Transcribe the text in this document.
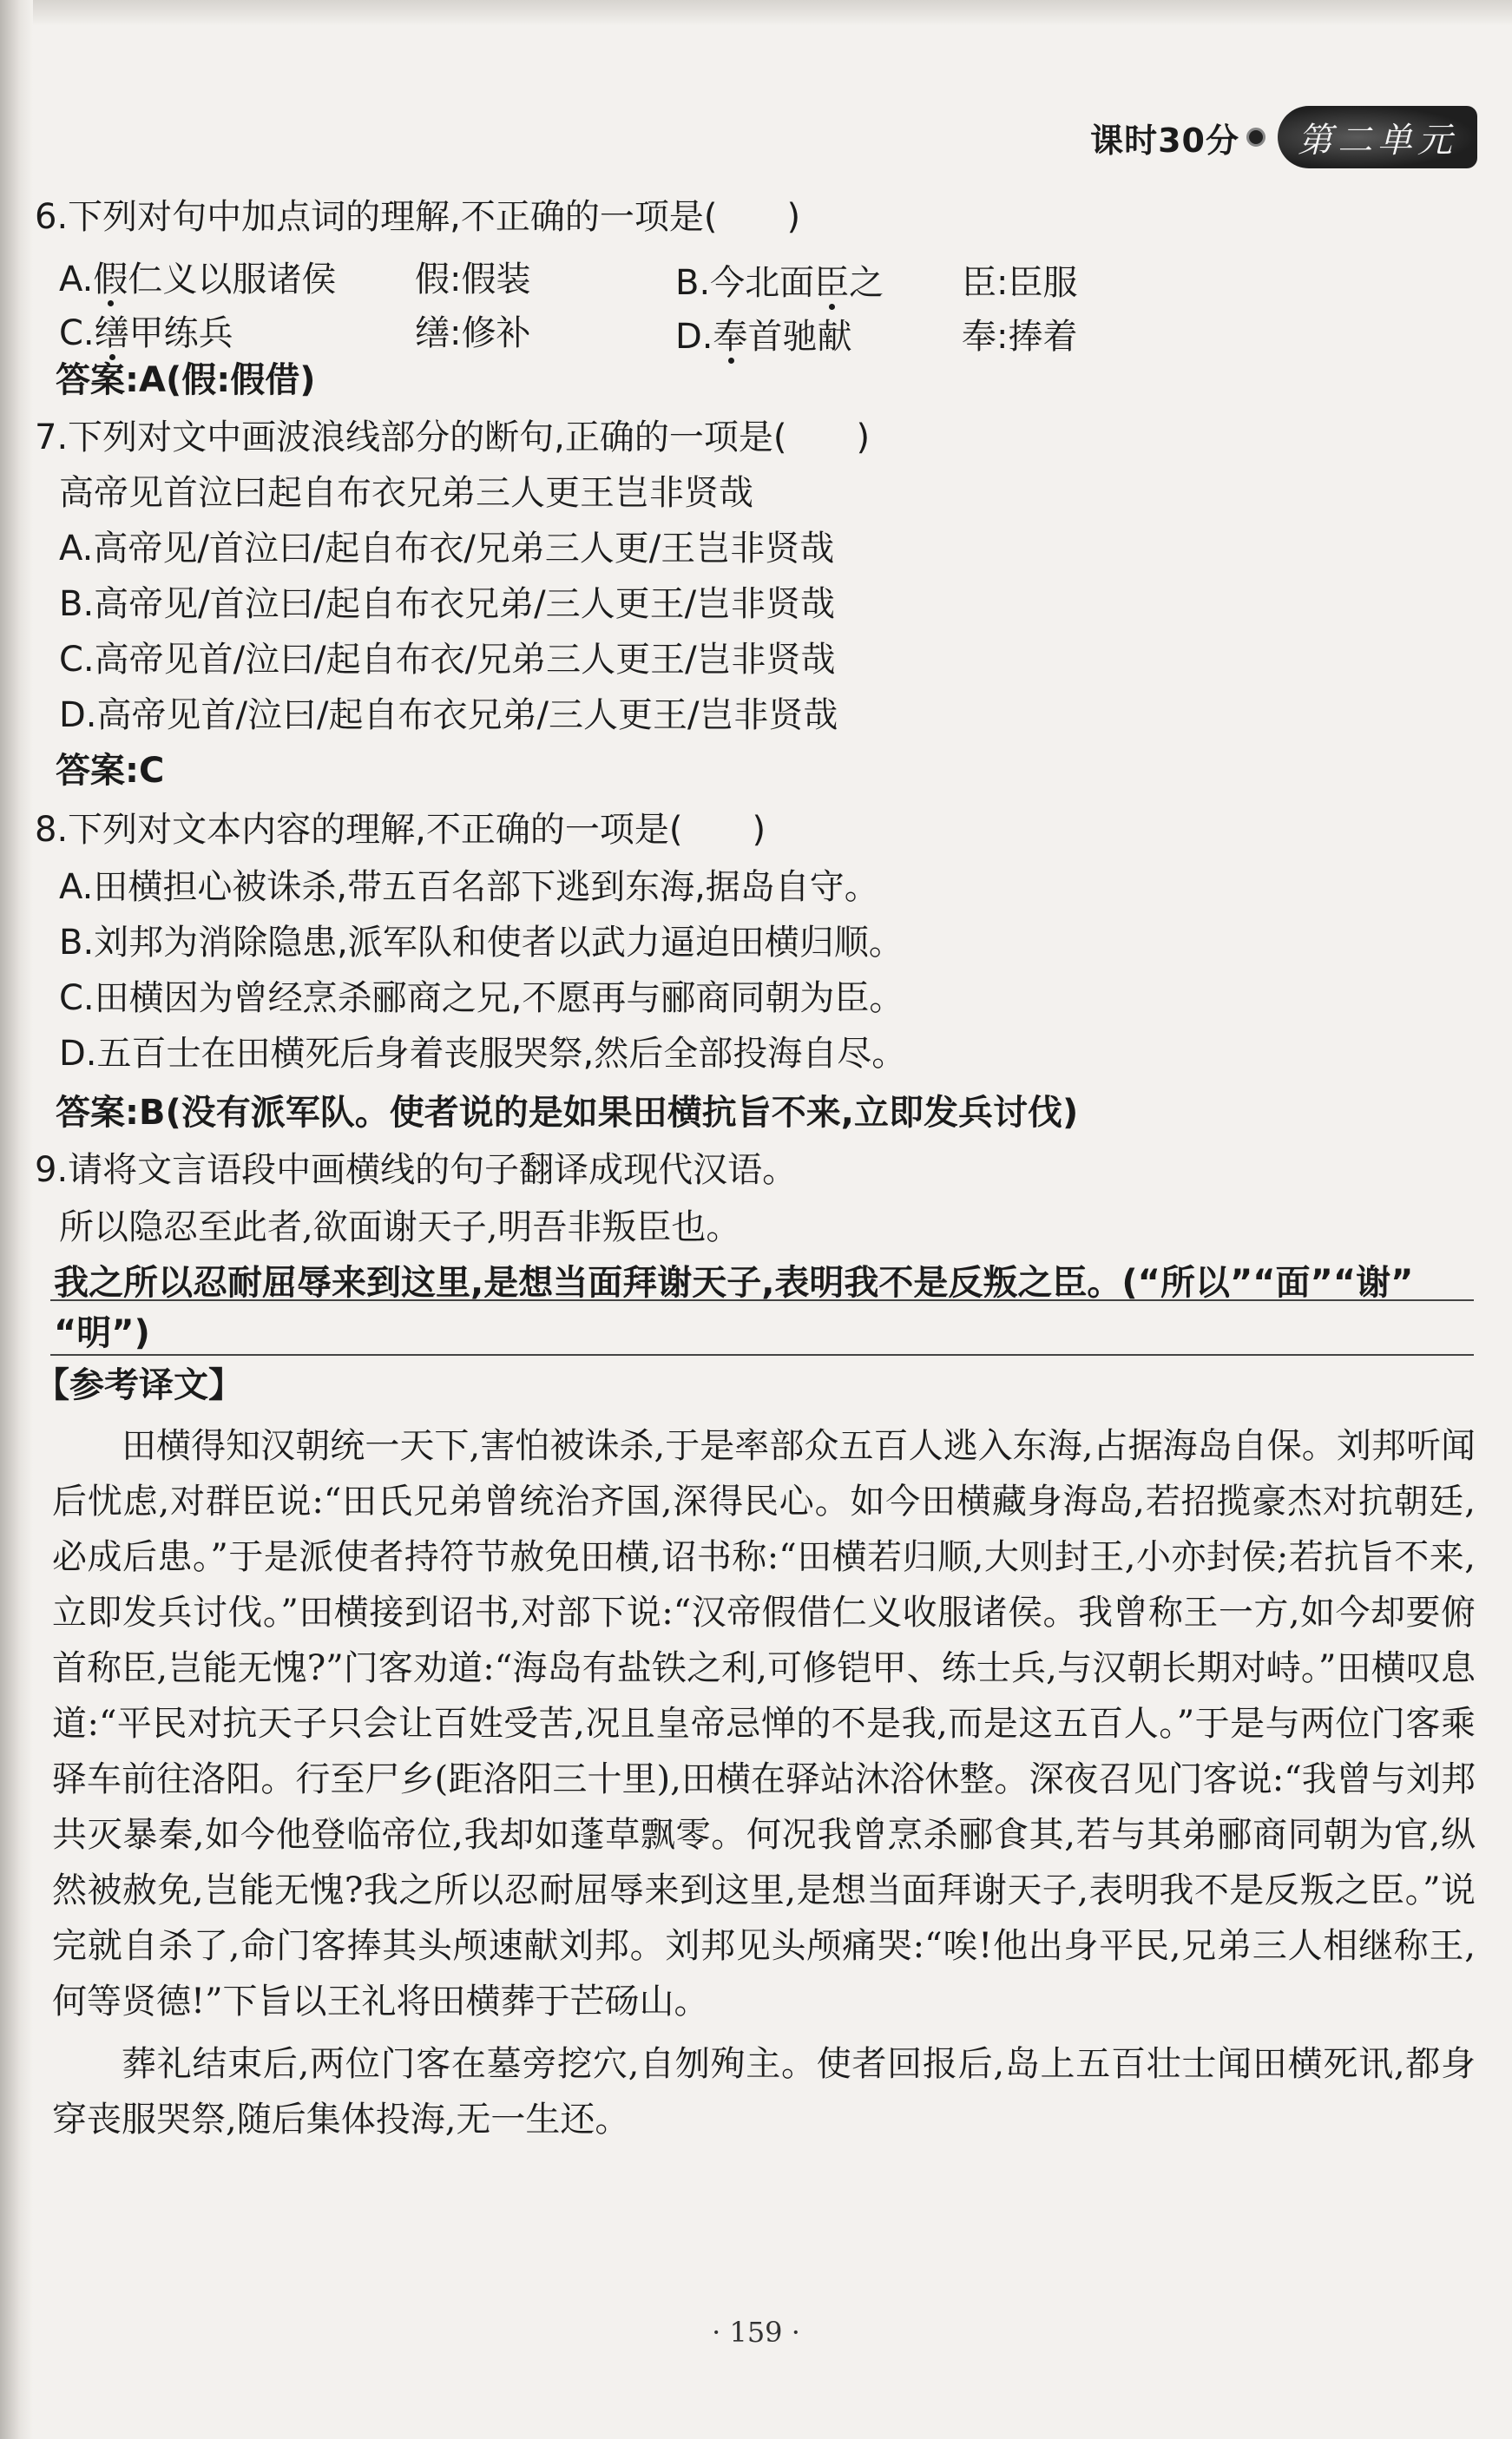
课时30分	第二单元
6.下列对句中加点词的理解,不正确的一项是(　　)
A.假仁义以服诸侯 假:假装	B.今北面臣之 臣:臣服
C.缮甲练兵	缮:修补	D.奉首驰献	奉:捧着
答案:A(假:假借)
7.下列对文中画波浪线部分的断句,正确的一项是(　　)
高帝见首泣曰起自布衣兄弟三人更王岂非贤哉
A.高帝见/首泣曰/起自布衣/兄弟三人更/王岂非贤哉
B.高帝见/首泣曰/起自布衣兄弟/三人更王/岂非贤哉
C.高帝见首/泣曰/起自布衣/兄弟三人更王/岂非贤哉
D.高帝见首/泣曰/起自布衣兄弟/三人更王/岂非贤哉
答案:C
8.下列对文本内容的理解,不正确的一项是(　　)
A.田横担心被诛杀,带五百名部下逃到东海,据岛自守。
B.刘邦为消除隐患,派军队和使者以武力逼迫田横归顺。
C.田横因为曾经烹杀郦商之兄,不愿再与郦商同朝为臣。
D.五百士在田横死后身着丧服哭祭,然后全部投海自尽。
答案:B(没有派军队。使者说的是如果田横抗旨不来,立即发兵讨伐)
9.请将文言语段中画横线的句子翻译成现代汉语。
所以隐忍至此者,欲面谢天子,明吾非叛臣也。
我之所以忍耐屈辱来到这里,是想当面拜谢天子,表明我不是反叛之臣。(“所以”“面”“谢”
“明”)
【参考译文】

田横得知汉朝统一天下,害怕被诛杀,于是率部众五百人逃入东海,占据海岛自保。刘邦听闻后忧虑,对群臣说:“田氏兄弟曾统治齐国,深得民心。如今田横藏身海岛,若招揽豪杰对抗朝廷,必成后患。”于是派使者持符节赦免田横,诏书称:“田横若归顺,大则封王,小亦封侯;若抗旨不来,立即发兵讨伐。”田横接到诏书,对部下说:“汉帝假借仁义收服诸侯。我曾称王一方,如今却要俯首称臣,岂能无愧?”门客劝道:“海岛有盐铁之利,可修铠甲、练士兵,与汉朝长期对峙。”田横叹息道:“平民对抗天子只会让百姓受苦,况且皇帝忌惮的不是我,而是这五百人。”于是与两位门客乘驿车前往洛阳。行至尸乡(距洛阳三十里),田横在驿站沐浴休整。深夜召见门客说:“我曾与刘邦共灭暴秦,如今他登临帝位,我却如蓬草飘零。何况我曾烹杀郦食其,若与其弟郦商同朝为官,纵然被赦免,岂能无愧?我之所以忍耐屈辱来到这里,是想当面拜谢天子,表明我不是反叛之臣。”说完就自杀了,命门客捧其头颅速献刘邦。刘邦见头颅痛哭:“唉!他出身平民,兄弟三人相继称王,何等贤德!”下旨以王礼将田横葬于芒砀山。

葬礼结束后,两位门客在墓旁挖穴,自刎殉主。使者回报后,岛上五百壮士闻田横死讯,都身穿丧服哭祭,随后集体投海,无一生还。

· 159 ·
